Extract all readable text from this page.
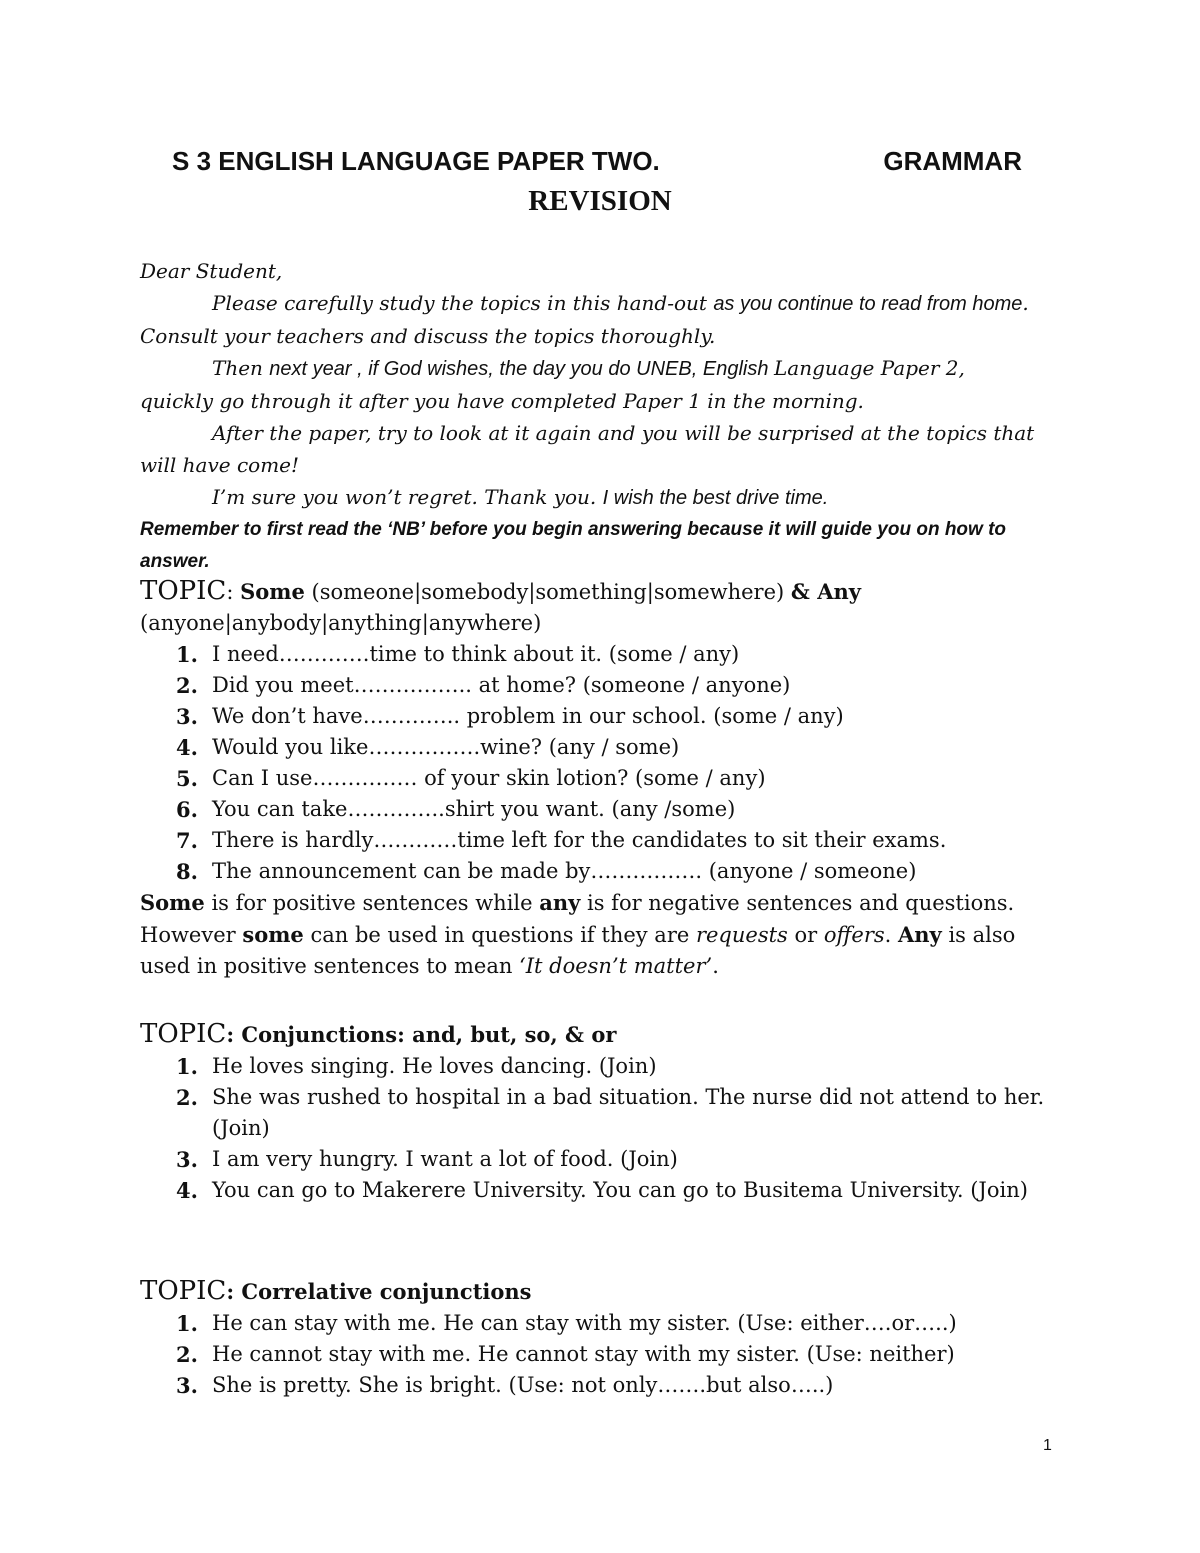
S 3 ENGLISH LANGUAGE PAPER TWO.	GRAMMAR
REVISION

Dear Student,

Please carefully study the topics in this hand-out as you continue to read from home. Consult your teachers and discuss the topics thoroughly.

Then next year , if God wishes, the day you do UNEB, English Language Paper 2, quickly go through it after you have completed Paper 1 in the morning.

After the paper, try to look at it again and you will be surprised at the topics that will have come!

I’m sure you won’t regret. Thank you. I wish the best drive time.

Remember to first read the ‘NB’ before you begin answering because it will guide you on how to answer.

TOPIC: Some (someone|somebody|something|somewhere) & Any (anyone|anybody|anything|anywhere)
1. I need………….time to think about it. (some / any)
2. Did you meet…………….. at home? (someone / anyone)
3. We don’t have………….. problem in our school. (some / any)
4. Would you like…………….wine? (any / some)
5. Can I use…………… of your skin lotion? (some / any)
6. You can take…………..shirt you want. (any /some)
7. There is hardly…………time left for the candidates to sit their exams.
8. The announcement can be made by……………. (anyone / someone)
Some is for positive sentences while any is for negative sentences and questions. However some can be used in questions if they are requests or offers. Any is also used in positive sentences to mean ‘It doesn’t matter’.
TOPIC: Conjunctions: and, but, so, & or
1. He loves singing. He loves dancing. (Join)
2. She was rushed to hospital in a bad situation. The nurse did not attend to her. (Join)
3. I am very hungry. I want a lot of food. (Join)
4. You can go to Makerere University. You can go to Busitema University. (Join)
TOPIC: Correlative conjunctions
1. He can stay with me. He can stay with my sister. (Use: either….or…..)
2. He cannot stay with me. He cannot stay with my sister. (Use: neither)
3. She is pretty. She is bright. (Use: not only…….but also…..)
1
